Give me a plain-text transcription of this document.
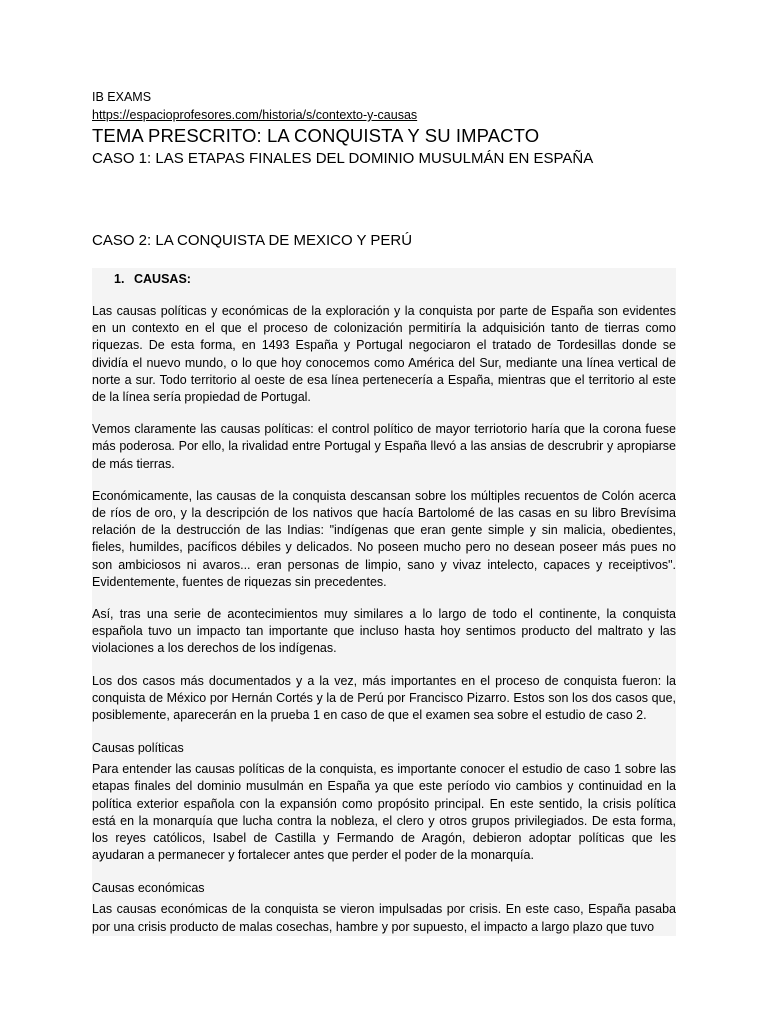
IB EXAMS
https://espacioprofesores.com/historia/s/contexto-y-causas
TEMA PRESCRITO: LA CONQUISTA Y SU IMPACTO
CASO 1: LAS ETAPAS FINALES DEL DOMINIO MUSULMÁN EN ESPAÑA
CASO 2: LA CONQUISTA DE MEXICO Y PERÚ
1. CAUSAS:

Las causas políticas y económicas de la exploración y la conquista por parte de España son evidentes en un contexto en el que el proceso de colonización permitiría la adquisición tanto de tierras como riquezas. De esta forma, en 1493 España y Portugal negociaron el tratado de Tordesillas donde se dividía el nuevo mundo, o lo que hoy conocemos como América del Sur, mediante una línea vertical de norte a sur. Todo territorio al oeste de esa línea pertenecería a España, mientras que el territorio al este de la línea sería propiedad de Portugal.

Vemos claramente las causas políticas: el control político de mayor terriotorio haría que la corona fuese más poderosa. Por ello, la rivalidad entre Portugal y España llevó a las ansias de descrubrir y apropiarse de más tierras.

Económicamente, las causas de la conquista descansan sobre los múltiples recuentos de Colón acerca de ríos de oro, y la descripción de los nativos que hacía Bartolomé de las casas en su libro Brevísima relación de la destrucción de las Indias: "indígenas que eran gente simple y sin malicia, obedientes, fieles, humildes, pacíficos débiles y delicados. No poseen mucho pero no desean poseer más pues no son ambiciosos ni avaros... eran personas de limpio, sano y vivaz intelecto, capaces y receiptivos". Evidentemente, fuentes de riquezas sin precedentes.

Así, tras una serie de acontecimientos muy similares a lo largo de todo el continente, la conquista española tuvo un impacto tan importante que incluso hasta hoy sentimos producto del maltrato y las violaciones a los derechos de los indígenas.

Los dos casos más documentados y a la vez, más importantes en el proceso de conquista fueron: la conquista de México por Hernán Cortés y la de Perú por Francisco Pizarro. Estos son los dos casos que, posiblemente, aparecerán en la prueba 1 en caso de que el examen sea sobre el estudio de caso 2.

Causas políticas

Para entender las causas políticas de la conquista, es importante conocer el estudio de caso 1 sobre las etapas finales del dominio musulmán en España ya que este período vio cambios y continuidad en la política exterior española con la expansión como propósito principal. En este sentido, la crisis política está en la monarquía que lucha contra la nobleza, el clero y otros grupos privilegiados. De esta forma, los reyes católicos, Isabel de Castilla y Fermando de Aragón, debieron adoptar políticas que les ayudaran a permanecer y fortalecer antes que perder el poder de la monarquía.

Causas económicas

Las causas económicas de la conquista se vieron impulsadas por crisis. En este caso, España pasaba por una crisis producto de malas cosechas, hambre y por supuesto, el impacto a largo plazo que tuvo
